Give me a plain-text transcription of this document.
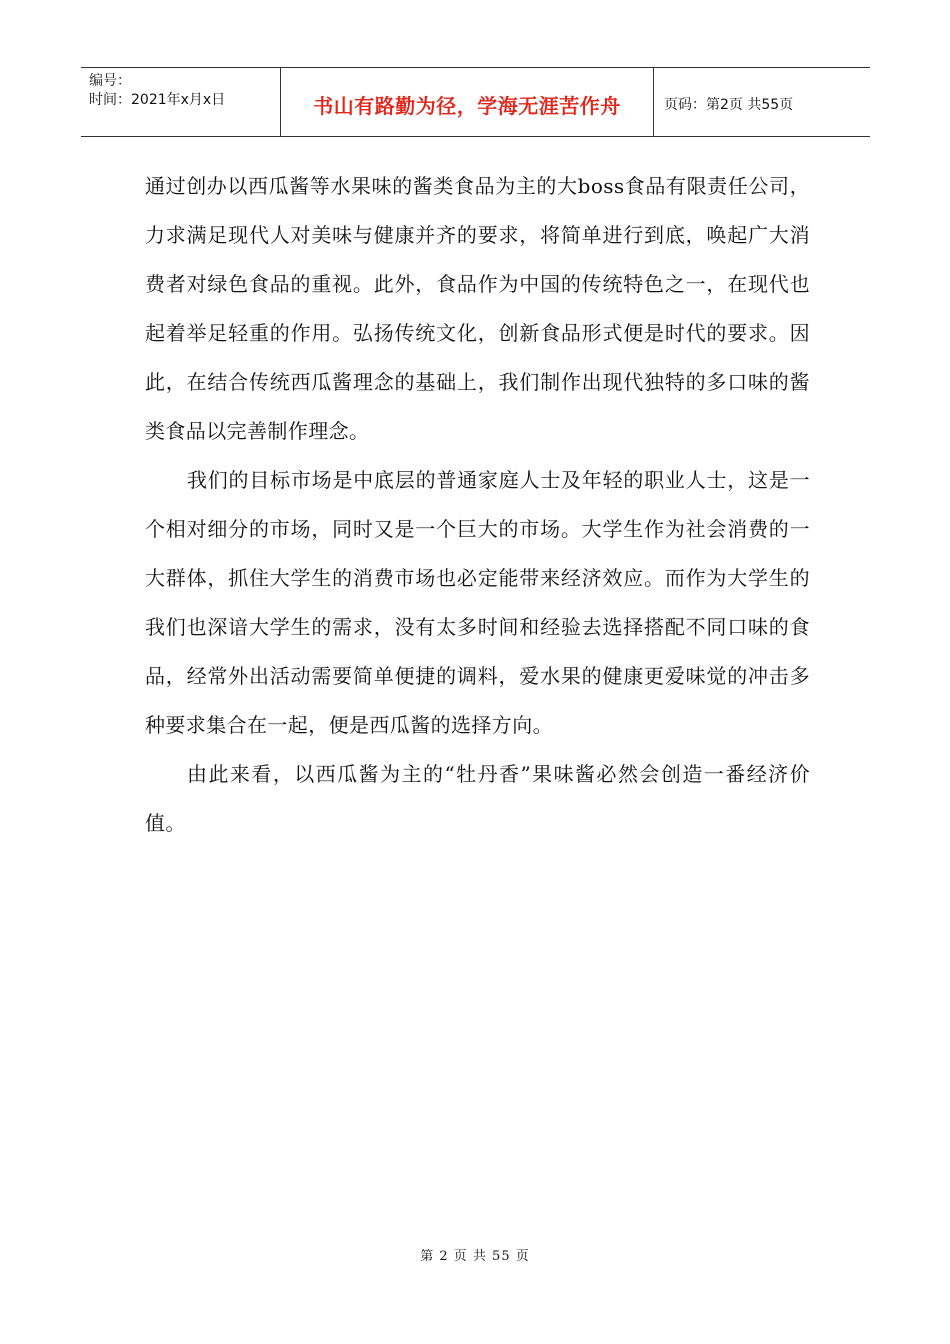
编号：
时间：2021年x月x日	书山有路勤为径，学海无涯苦作舟	页码：第2页 共55页

通过创办以西瓜酱等水果味的酱类食品为主的大boss食品有限责任公司，力求满足现代人对美味与健康并齐的要求，将简单进行到底，唤起广大消费者对绿色食品的重视。此外，食品作为中国的传统特色之一，在现代也起着举足轻重的作用。弘扬传统文化，创新食品形式便是时代的要求。因此，在结合传统西瓜酱理念的基础上，我们制作出现代独特的多口味的酱类食品以完善制作理念。

我们的目标市场是中底层的普通家庭人士及年轻的职业人士，这是一个相对细分的市场，同时又是一个巨大的市场。大学生作为社会消费的一大群体，抓住大学生的消费市场也必定能带来经济效应。而作为大学生的我们也深谙大学生的需求，没有太多时间和经验去选择搭配不同口味的食品，经常外出活动需要简单便捷的调料，爱水果的健康更爱味觉的冲击多种要求集合在一起，便是西瓜酱的选择方向。

由此来看，以西瓜酱为主的“牡丹香”果味酱必然会创造一番经济价值。

第 2 页 共 55 页
